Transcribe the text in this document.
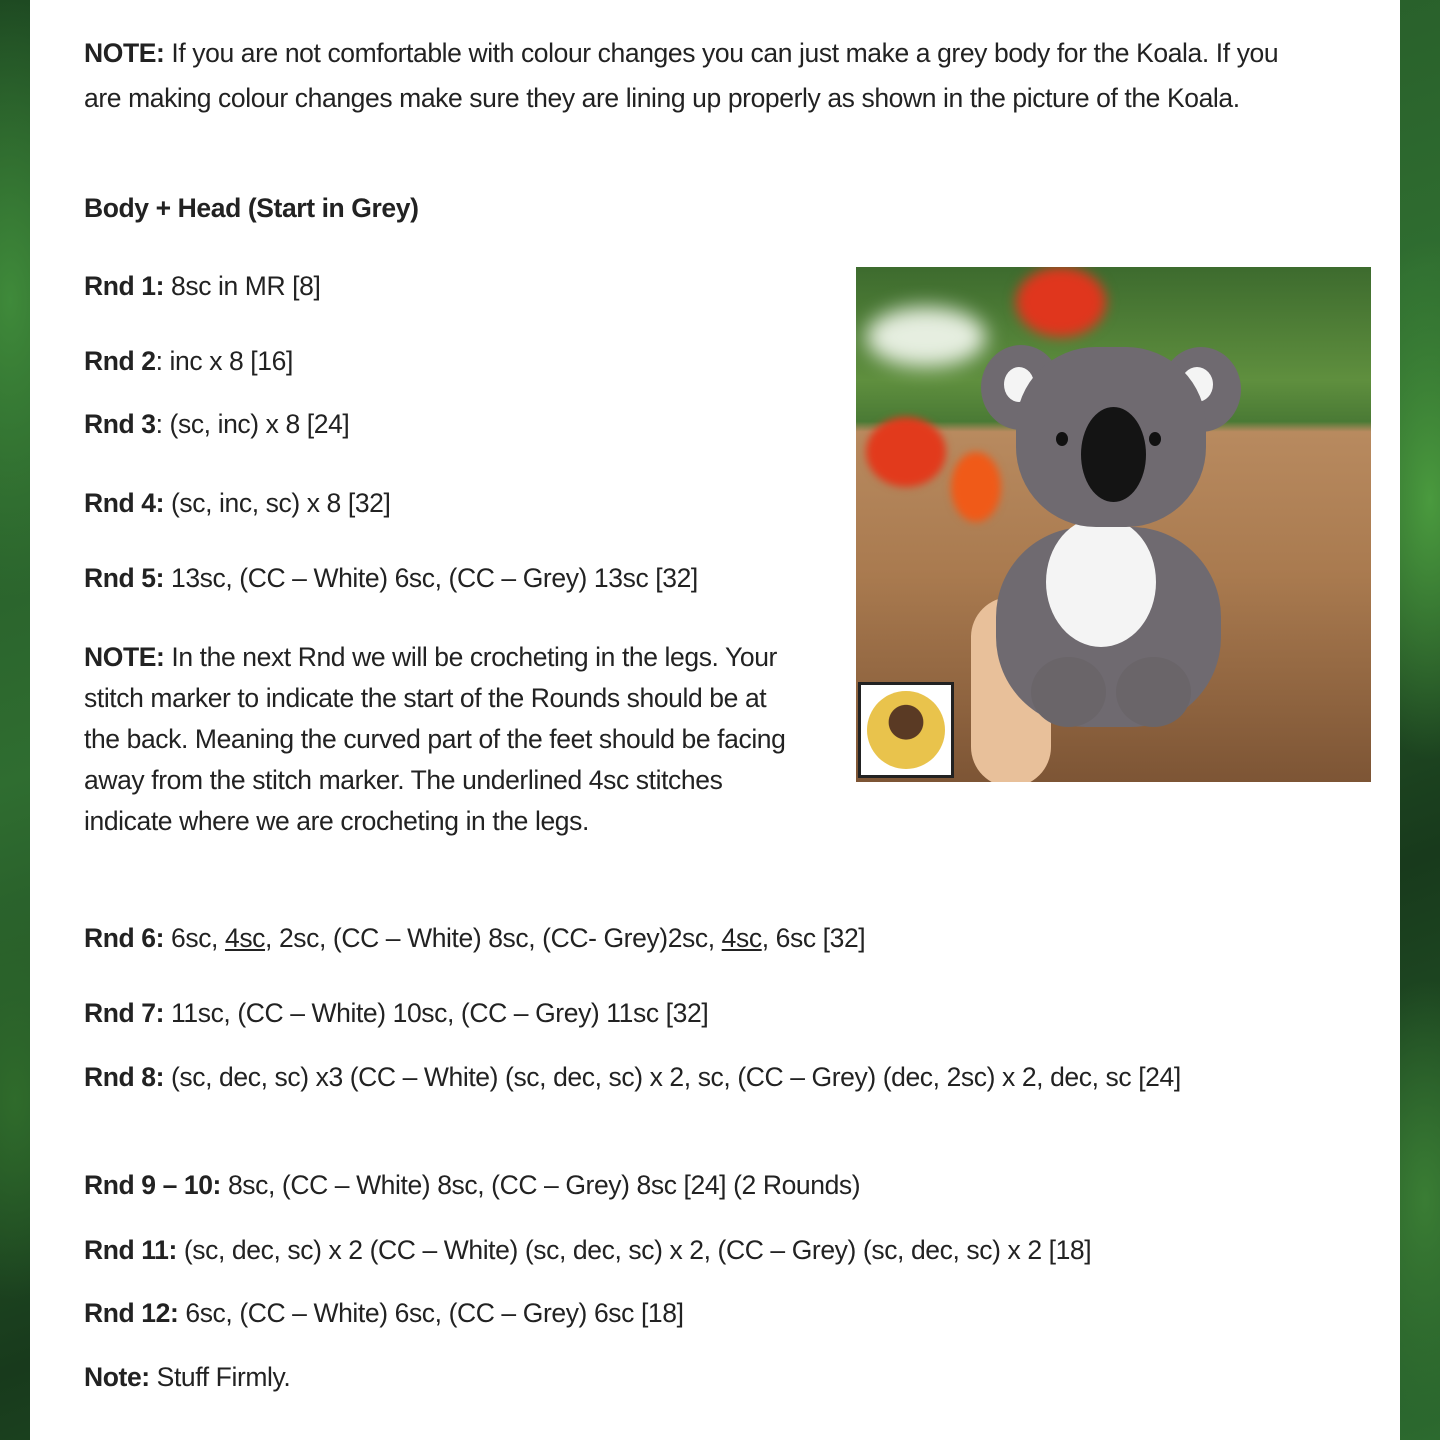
NOTE: If you are not comfortable with colour changes you can just make a grey body for the Koala. If you are making colour changes make sure they are lining up properly as shown in the picture of the Koala.
Body + Head (Start in Grey)
Rnd 1: 8sc in MR [8]
Rnd 2: inc x 8 [16]
Rnd 3: (sc, inc) x 8 [24]
Rnd 4: (sc, inc, sc) x 8 [32]
Rnd 5: 13sc, (CC – White) 6sc, (CC – Grey) 13sc [32]
NOTE: In the next Rnd we will be crocheting in the legs. Your stitch marker to indicate the start of the Rounds should be at the back. Meaning the curved part of the feet should be facing away from the stitch marker. The underlined 4sc stitches indicate where we are crocheting in the legs.
Rnd 6: 6sc, 4sc, 2sc, (CC – White) 8sc, (CC- Grey)2sc, 4sc, 6sc [32]
Rnd 7: 11sc, (CC – White) 10sc, (CC – Grey) 11sc [32]
Rnd 8: (sc, dec, sc) x3 (CC – White) (sc, dec, sc) x 2, sc, (CC – Grey) (dec, 2sc) x 2, dec, sc [24]
Rnd 9 – 10: 8sc, (CC – White) 8sc, (CC – Grey) 8sc [24] (2 Rounds)
Rnd 11: (sc, dec, sc) x 2 (CC – White) (sc, dec, sc) x 2, (CC – Grey) (sc, dec, sc) x 2 [18]
Rnd 12: 6sc, (CC – White) 6sc, (CC – Grey) 6sc [18]
Note: Stuff Firmly.
